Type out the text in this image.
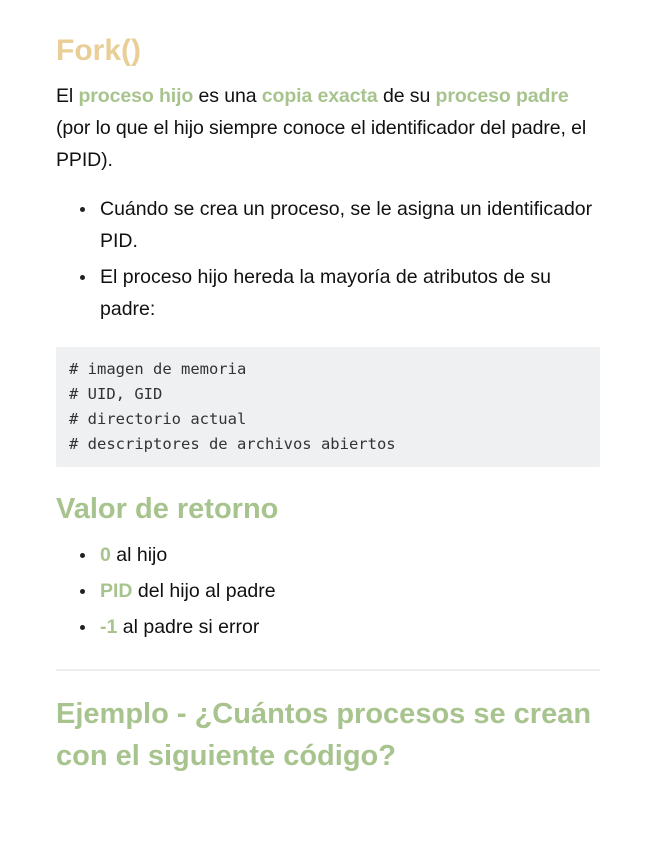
Fork()

El proceso hijo es una copia exacta de su proceso padre (por lo que el hijo siempre conoce el identificador del padre, el PPID).

Cuándo se crea un proceso, se le asigna un identificador PID.
El proceso hijo hereda la mayoría de atributos de su padre:
# imagen de memoria
# UID, GID
# directorio actual
# descriptores de archivos abiertos
Valor de retorno
0 al hijo
PID del hijo al padre
-1 al padre si error
Ejemplo - ¿Cuántos procesos se crean con el siguiente código?
